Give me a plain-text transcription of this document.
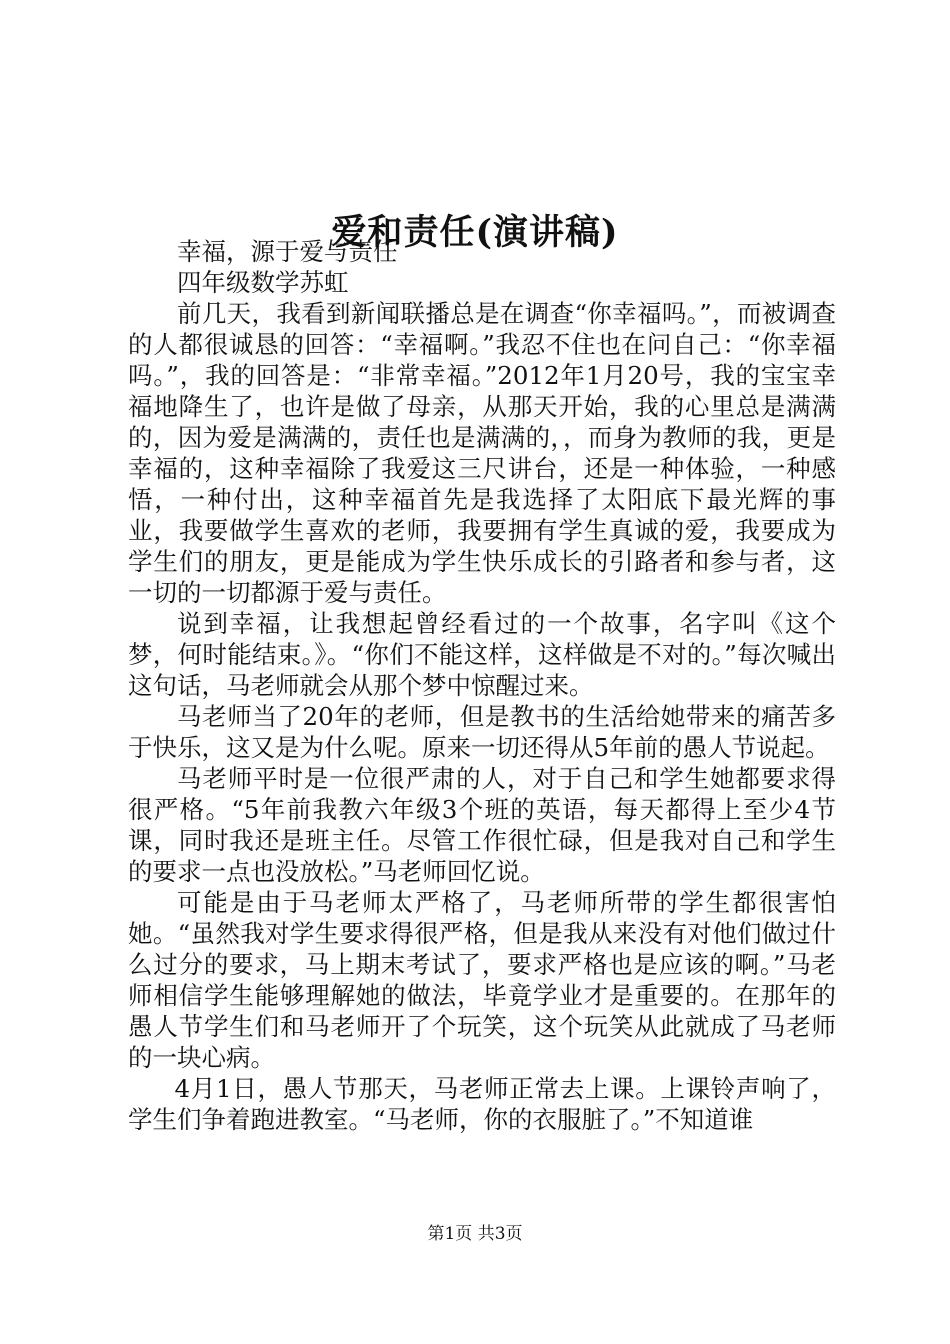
爱和责任(演讲稿)

幸福，源于爱与责任

四年级数学苏虹

前几天，我看到新闻联播总是在调查“你幸福吗。”，而被调查的人都很诚恳的回答：“幸福啊。”我忍不住也在问自己：“你幸福吗。”，我的回答是：“非常幸福。”2012年1月20号，我的宝宝幸福地降生了，也许是做了母亲，从那天开始，我的心里总是满满的，因为爱是满满的，责任也是满满的，，而身为教师的我，更是幸福的，这种幸福除了我爱这三尺讲台，还是一种体验，一种感悟，一种付出，这种幸福首先是我选择了太阳底下最光辉的事业，我要做学生喜欢的老师，我要拥有学生真诚的爱，我要成为学生们的朋友，更是能成为学生快乐成长的引路者和参与者，这一切的一切都源于爱与责任。

说到幸福，让我想起曾经看过的一个故事，名字叫《这个梦，何时能结束。》。“你们不能这样，这样做是不对的。”每次喊出这句话，马老师就会从那个梦中惊醒过来。

马老师当了20年的老师，但是教书的生活给她带来的痛苦多于快乐，这又是为什么呢。原来一切还得从5年前的愚人节说起。

马老师平时是一位很严肃的人，对于自己和学生她都要求得很严格。“5年前我教六年级3个班的英语，每天都得上至少4节课，同时我还是班主任。尽管工作很忙碌，但是我对自己和学生的要求一点也没放松。”马老师回忆说。

可能是由于马老师太严格了，马老师所带的学生都很害怕她。“虽然我对学生要求得很严格，但是我从来没有对他们做过什么过分的要求，马上期末考试了，要求严格也是应该的啊。”马老师相信学生能够理解她的做法，毕竟学业才是重要的。在那年的愚人节学生们和马老师开了个玩笑，这个玩笑从此就成了马老师的一块心病。

4月1日，愚人节那天，马老师正常去上课。上课铃声响了，学生们争着跑进教室。“马老师，你的衣服脏了。”不知道谁

第1页 共3页
